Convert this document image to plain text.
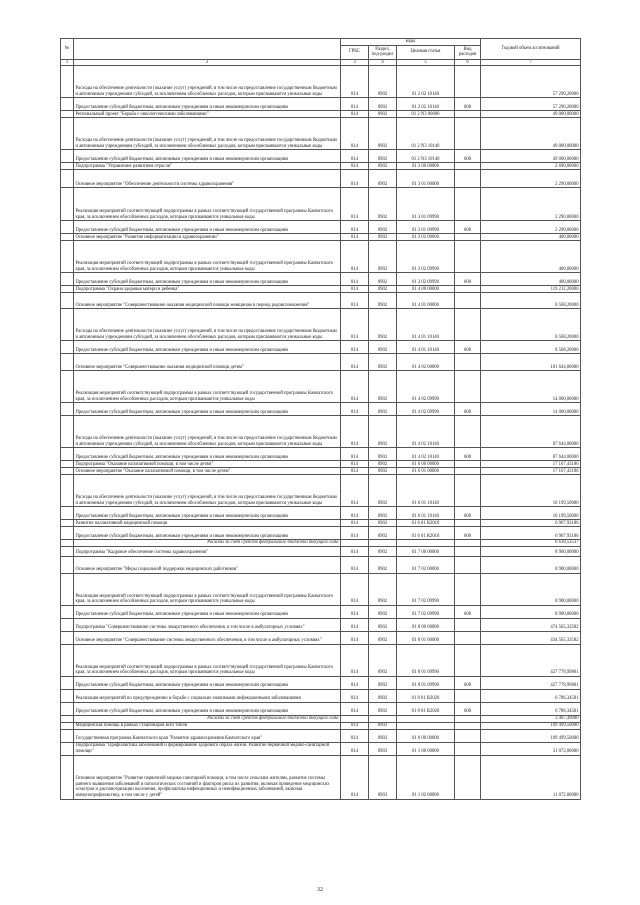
№	Наименование	коды				Годовой объем ассигнований
		ГРБС	Раздел, под-раздел	Целевая статья	Вид расходов	
1	2	3	4	5	6	7
	Расходы на обеспечение деятельности (оказание услуг) учреждений, в том числе на предоставление государственным бюджетным и автономным учреждениям субсидий, за исключением обособленных расходов, которым присваиваются уникальные коды	814	0902	01 2 02 10140		57 290,20000
	Предоставление субсидий бюджетным, автономным учреждениям и иным некоммерческим организациям	814	0902	01 2 02 10140	600	57 290,20000
	Региональный проект "Борьба с онкологическими заболеваниями"	814	0902	01 2 N3 00000		49 000,00000
	Расходы на обеспечение деятельности (оказание услуг) учреждений, в том числе на предоставление государственным бюджетным и автономным учреждениям субсидий, за исключением обособленных расходов, которым присваиваются уникальные коды	814	0902	01 2 N3 10140		49 000,00000
	Предоставление субсидий бюджетным, автономным учреждениям и иным некоммерческим организациям	814	0902	01 2 N3 10140	600	49 000,00000
	Подпрограмма "Управление развитием отрасли"	814	0902	01 3 00 00000		2 690,00000
	Основное мероприятие "Обеспечение деятельности системы здравоохранения"	814	0902	01 3 01 00000		2 290,00000
	Реализация мероприятий соответствующей подпрограммы в рамках соответствующей государственной программы Камчатского края, за исключением обособленных расходов, которым присваиваются уникальные коды	814	0902	01 3 01 09990		2 290,00000
	Предоставление субсидий бюджетным, автономным учреждениям и иным некоммерческим организациям	814	0902	01 3 01 09990	600	2 290,00000
	Основное мероприятие "Развитие информатизации в здравоохранении"	814	0902	01 3 02 00000		400,00000
	Реализация мероприятий соответствующей подпрограммы в рамках соответствующей государственной программы Камчатского края, за исключением обособленных расходов, которым присваиваются уникальные коды	814	0902	01 3 02 09990		400,00000
	Предоставление субсидий бюджетным, автономным учреждениям и иным некоммерческим организациям	814	0902	01 3 02 09990	600	400,00000
	Подпрограмма "Охрана здоровья матери и ребенка"	814	0902	01 4 00 00000		119 212,20000
	Основное мероприятие "Совершенствование оказания медицинской помощи женщинам в период родовспоможения"	814	0902	01 4 01 00000		8 568,20000
	Расходы на обеспечение деятельности (оказание услуг) учреждений, в том числе на предоставление государственным бюджетным и автономным учреждениям субсидий, за исключением обособленных расходов, которым присваиваются уникальные коды	814	0902	01 4 01 10140		8 568,20000
	Предоставление субсидий бюджетным, автономным учреждениям и иным некоммерческим организациям	814	0902	01 4 01 10140	600	8 568,20000
	Основное мероприятие "Совершенствование оказания медицинской помощи детям"	814	0902	01 4 02 00000		101 644,00000
	Реализация мероприятий соответствующей подпрограммы в рамках соответствующей государственной программы Камчатского края, за исключением обособленных расходов, которым присваиваются уникальные коды	814	0902	01 4 02 09990		14 000,00000
	Предоставление субсидий бюджетным, автономным учреждениям и иным некоммерческим организациям	814	0902	01 4 02 09990	600	14 000,00000
	Расходы на обеспечение деятельности (оказание услуг) учреждений, в том числе на предоставление государственным бюджетным и автономным учреждениям субсидий, за исключением обособленных расходов, которым присваиваются уникальные коды	814	0902	01 4 02 10140		87 644,00000
	Предоставление субсидий бюджетным, автономным учреждениям и иным некоммерческим организациям	814	0902	01 4 02 10140	600	87 644,00000
	Подпрограмма "Оказание паллиативной помощи, в том числе детям"	814	0902	01 6 00 00000		17 167,43186
	Основное мероприятие "Оказание паллиативной помощи, в том числе детям"	814	0902	01 6 01 00000		17 167,43186
	Расходы на обеспечение деятельности (оказание услуг) учреждений, в том числе на предоставление государственным бюджетным и автономным учреждениям субсидий, за исключением обособленных расходов, которым присваиваются уникальные коды	814	0902	01 6 01 10140		10 199,50000
	Предоставление субсидий бюджетным, автономным учреждениям и иным некоммерческим организациям	814	0902	01 6 01 10140	600	10 199,50000
	Развитие паллиативной медицинской помощи	814	0902	01 6 01 R2010		6 967,93186
	Предоставление субсидий бюджетным, автономным учреждениям и иным некоммерческим организациям	814	0902	01 6 01 R2010	600	6 967,93186
	Расходы за счет средств федерального бюджета текущего года					6 618,53537
	Подпрограмма "Кадровое обеспечение системы здравоохранения"	814	0902	01 7 00 00000		8 900,00000
	Основное мероприятие "Меры социальной поддержки медицинских работников"	814	0902	01 7 02 00000		8 900,00000
	Реализация мероприятий соответствующей подпрограммы в рамках соответствующей государственной программы Камчатского края, за исключением обособленных расходов, которым присваиваются уникальные коды	814	0902	01 7 02 09990		8 900,00000
	Предоставление субсидий бюджетным, автономным учреждениям и иным некоммерческим организациям	814	0902	01 7 02 09990	600	8 900,00000
	Подпрограмма "Совершенствование системы лекарственного обеспечения, в том числе в амбулаторных условиях"	814	0902	01 8 00 00000		474 565,33582
	Основное мероприятие "Совершенствование системы лекарственного обеспечения, в том числе в амбулаторных условиях"	814	0902	01 8 01 00000		434 565,33582
	Реализация мероприятий соответствующей подпрограммы в рамках соответствующей государственной программы Камчатского края, за исключением обособленных расходов, которым присваиваются уникальные коды	814	0902	01 8 01 09990		427 778,99801
	Предоставление субсидий бюджетным, автономным учреждениям и иным некоммерческим организациям	814	0902	01 8 01 09990	600	427 778,99801
	Реализация мероприятий по предупреждению и борьбе с социально значимыми инфекционными заболеваниями	814	0902	01 8 01 R2020		6 786,34581
	Предоставление субсидий бюджетным, автономным учреждениям и иным некоммерческим организациям	814	0902	01 8 01 R2020	600	6 786,34581
	Расходы за счет средств федерального бюджета текущего года					3 407,49000
	Медицинская помощь в рамках стационаров всех типов	814	0903			109 499,50000
	Государственная программа Камчатского края "Развитие здравоохранения Камчатского края"	814	0903	01 0 00 00000		109 499,50000
	Подпрограмма "Профилактика заболеваний и формирование здорового образа жизни. Развитие первичной медико-санитарной помощи"	814	0903	01 1 00 00000		31 072,00000
	Основное мероприятие "Развитие первичной медико-санитарной помощи, в том числе сельским жителям, развитие системы раннего выявления заболеваний и патологических состояний и факторов риска их развития, включая проведение медицинских осмотров и диспансеризации населения, профилактика инфекционных и неинфекционных заболеваний, включая иммунопрофилактику, в том числе у детей"	814	0903	01 1 02 00000		11 072,00000
32
